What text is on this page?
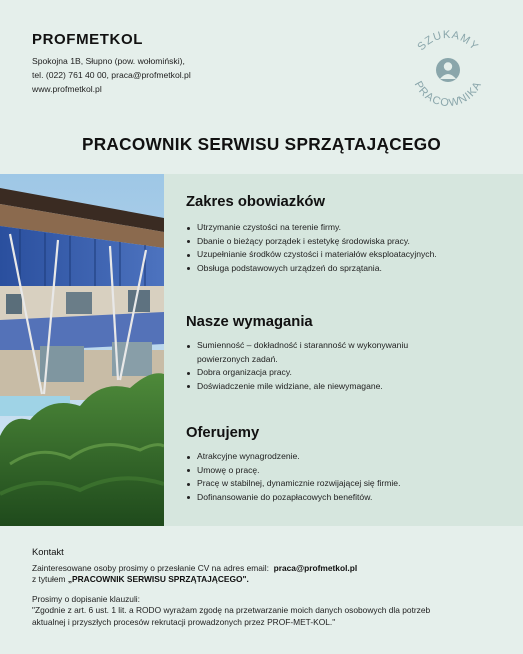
PROFMETKOL
Spokojna 1B, Słupno (pow. wołomiński),
tel. (022) 761 40 00, praca@profmetkol.pl
www.profmetkol.pl
SZUKAMY
PRACOWNIKA
PRACOWNIK SERWISU SPRZĄTAJĄCEGO
Zakres obowiazków
Utrzymanie czystości na terenie firmy.
Dbanie o bieżący porządek i estetykę środowiska pracy.
Uzupełnianie środków czystości i materiałów eksploatacyjnych.
Obsługa podstawowych urządzeń do sprzątania.
Nasze wymagania
Sumienność – dokładność i staranność w wykonywaniu
powierzonych zadań.
Dobra organizacja pracy.
Doświadczenie mile widziane, ale niewymagane.
Oferujemy
Atrakcyjne wynagrodzenie.
Umowę o pracę.
Pracę w stabilnej, dynamicznie rozwijającej się firmie.
Dofinansowanie do pozapłacowych benefitów.
Kontakt
Zainteresowane osoby prosimy o przesłanie CV na adres email: praca@profmetkol.pl
z tytułem „PRACOWNIK SERWISU SPRZĄTAJĄCEGO".
Prosimy o dopisanie klauzuli:
"Zgodnie z art. 6 ust. 1 lit. a RODO wyrażam zgodę na przetwarzanie moich danych osobowych dla potrzeb
aktualnej i przyszłych procesów rekrutacji prowadzonych przez PROF-MET-KOL."
